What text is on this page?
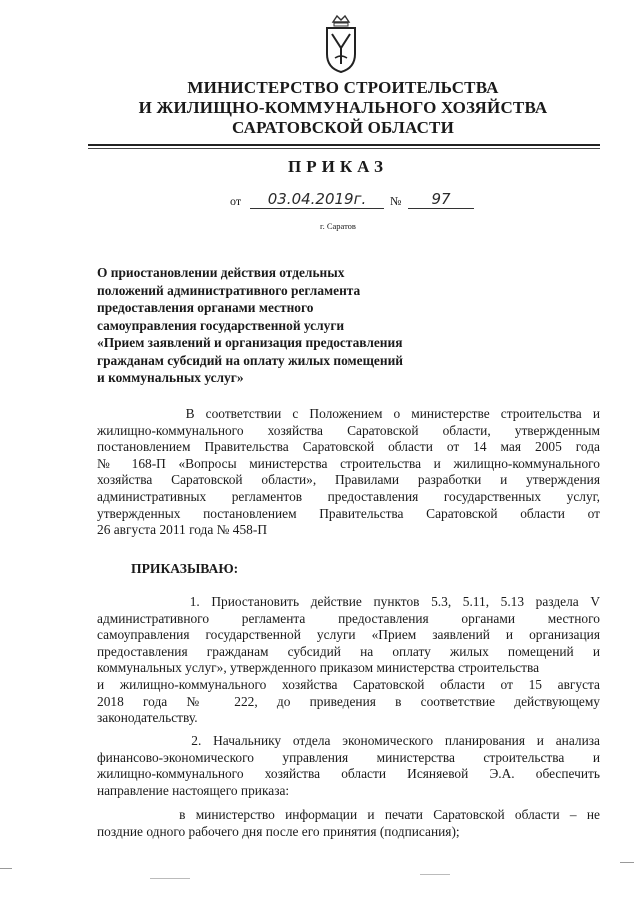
МИНИСТЕРСТВО СТРОИТЕЛЬСТВА
И ЖИЛИЩНО-КОММУНАЛЬНОГО ХОЗЯЙСТВА
САРАТОВСКОЙ ОБЛАСТИ
ПРИКАЗ
от	03.04.2019г.	№	97
г. Саратов
О приостановлении действия отдельных
положений административного регламента
предоставления органами местного
самоуправления государственной услуги
«Прием заявлений и организация предоставления
гражданам субсидий на оплату жилых помещений
и коммунальных услуг»
В соответствии с Положением о министерстве строительства и
жилищно-коммунального хозяйства Саратовской области, утвержденным
постановлением Правительства Саратовской области от 14 мая 2005 года
№ 168-П «Вопросы министерства строительства и жилищно-коммунального
хозяйства Саратовской области», Правилами разработки и утверждения
административных регламентов предоставления государственных услуг,
утвержденных постановлением Правительства Саратовской области от
26 августа 2011 года № 458-П
ПРИКАЗЫВАЮ:
1. Приостановить действие пунктов 5.3, 5.11, 5.13 раздела V
административного регламента предоставления органами местного
самоуправления государственной услуги «Прием заявлений и организация
предоставления гражданам субсидий на оплату жилых помещений и
коммунальных услуг», утвержденного приказом министерства строительства
и жилищно-коммунального хозяйства Саратовской области от 15 августа
2018 года № 222, до приведения в соответствие действующему
законодательству.
2. Начальнику отдела экономического планирования и анализа
финансово-экономического управления министерства строительства и
жилищно-коммунального хозяйства области Исяняевой Э.А. обеспечить
направление настоящего приказа:
в министерство информации и печати Саратовской области – не
поздние одного рабочего дня после его принятия (подписания);
